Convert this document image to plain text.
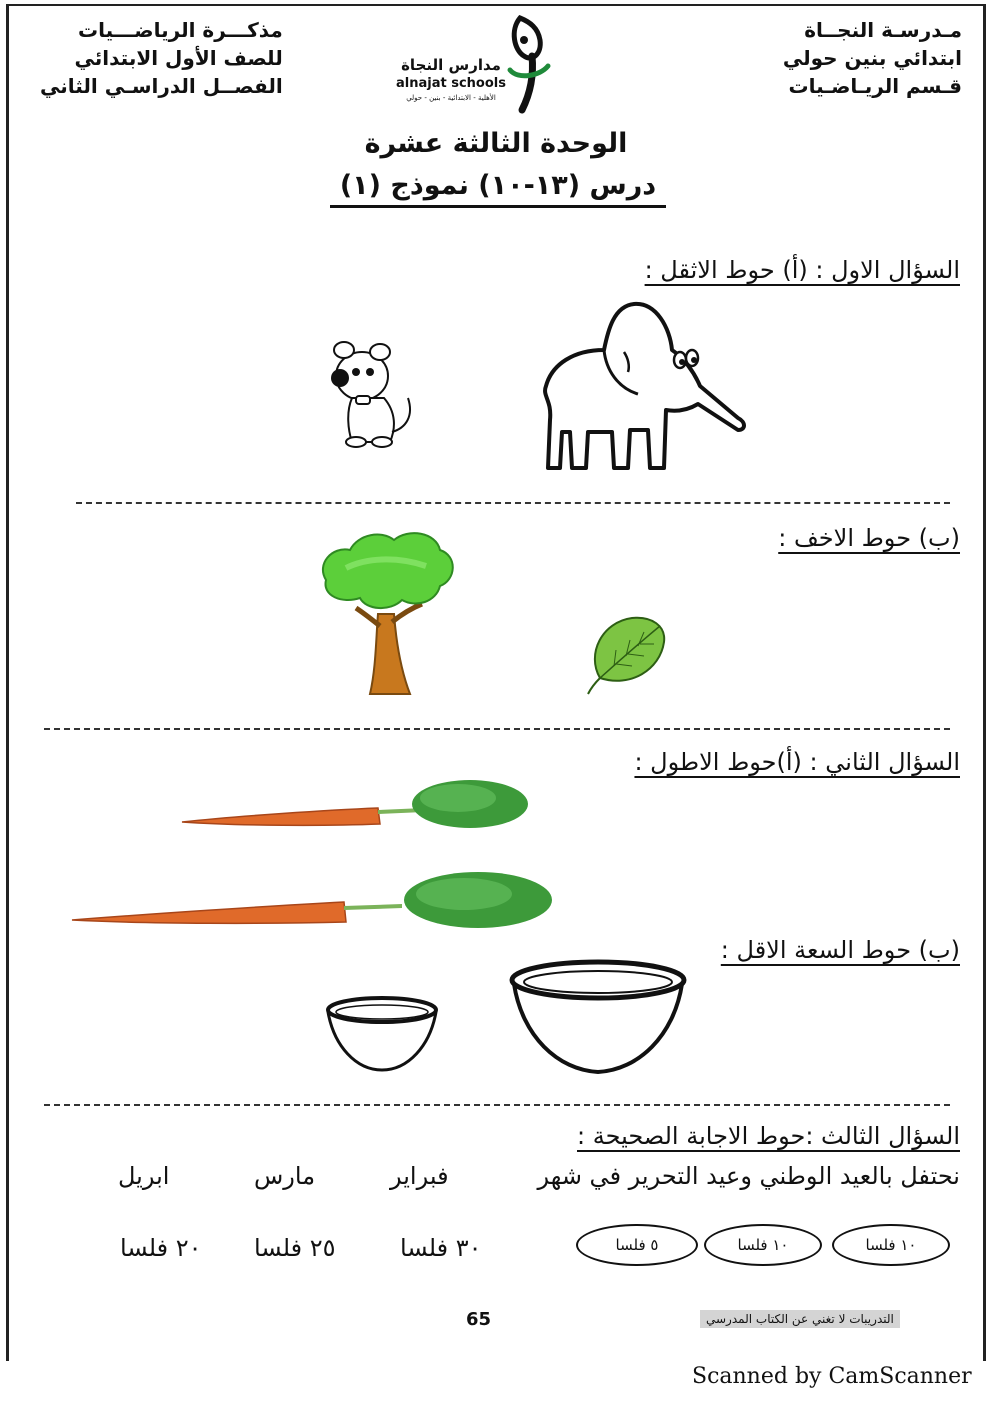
مـدرسـة النجــاة
ابتدائي بنين حولي
قـسم الريـاضـيات
مذكـــرة الرياضـــيات
للصف الأول الابتدائي
الفصــل الدراسـي الثاني
مدارس النجاة
alnajat schools
الأهلية - الابتدائية - بنين - حولي
الوحدة الثالثة عشرة
درس (١٣-١٠) نموذج (١)
السؤال الاول : (أ) حوط الاثقل :
(ب) حوط الاخف :
السؤال الثاني : (أ)حوط الاطول :
(ب) حوط السعة الاقل :
السؤال الثالث :حوط الاجابة الصحيحة :
نحتفل بالعيد الوطني وعيد التحرير في شهر
فبراير
مارس
ابريل
١٠ فلسا
١٠ فلسا
٥ فلسا
٣٠ فلسا
٢٥ فلسا
٢٠ فلسا
65	التدريبات لا تغني عن الكتاب المدرسي
Scanned by CamScanner
